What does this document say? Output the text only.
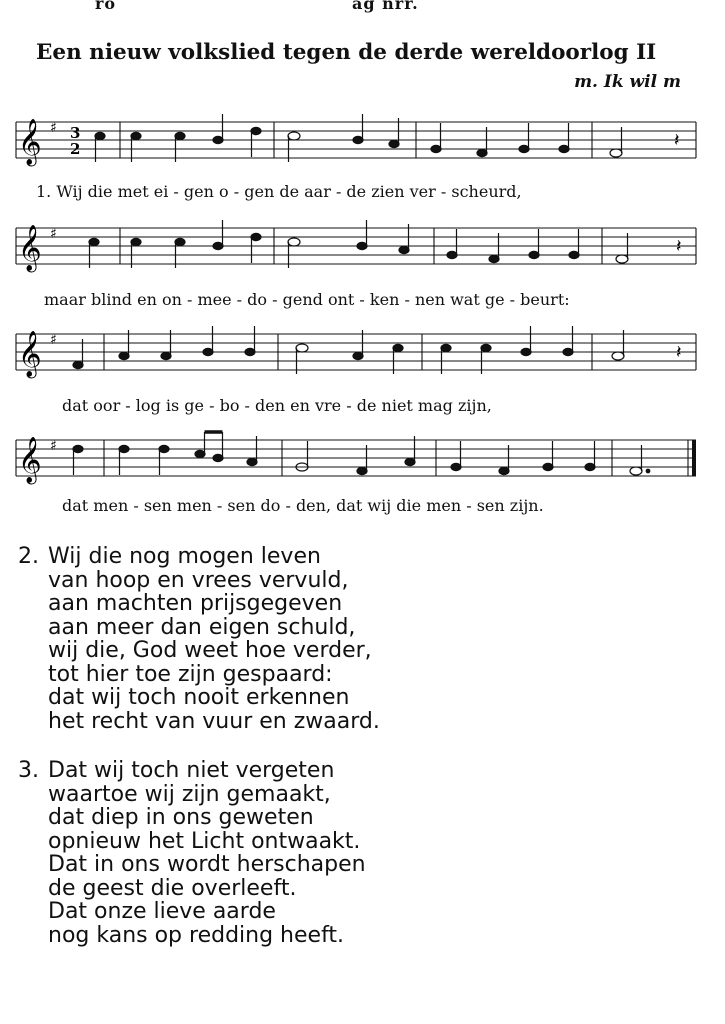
ro	ag nrr.
Een nieuw volkslied tegen de derde wereldoorlog II
m. Ik wil m
𝄞 ♯ 3
2	𝄽
1. Wij die met ei - gen o - gen de aar - de zien ver - scheurd,
𝄞 ♯
𝄽
maar blind en on - mee - do - gend ont - ken - nen wat ge - beurt:
𝄞 ♯
𝄽
dat oor - log is ge - bo - den en vre - de niet mag zijn,
𝄞 ♯
dat men - sen men - sen do - den, dat wij die men - sen zijn.
2. Wij die nog mogen leven
van hoop en vrees vervuld,
aan machten prijsgegeven
aan meer dan eigen schuld,
wij die, God weet hoe verder,
tot hier toe zijn gespaard:
dat wij toch nooit erkennen
het recht van vuur en zwaard.
3. Dat wij toch niet vergeten
waartoe wij zijn gemaakt,
dat diep in ons geweten
opnieuw het Licht ontwaakt.
Dat in ons wordt herschapen
de geest die overleeft.
Dat onze lieve aarde
nog kans op redding heeft.
